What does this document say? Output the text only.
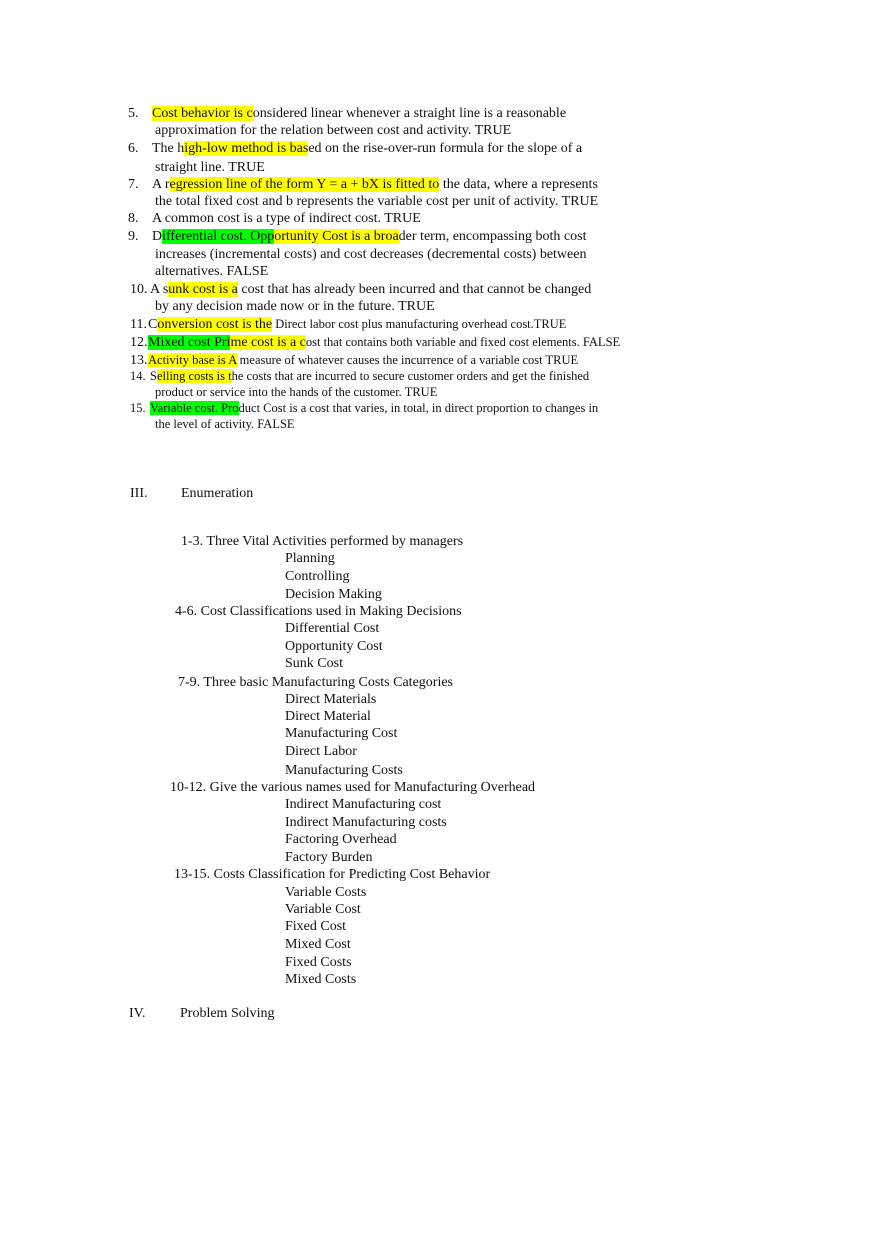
5. Cost behavior is considered linear whenever a straight line is a reasonable
approximation for the relation between cost and activity. TRUE
6. The high-low method is based on the rise-over-run formula for the slope of a
straight line. TRUE
7. A regression line of the form Y = a + bX is fitted to the data, where a represents
the total fixed cost and b represents the variable cost per unit of activity. TRUE
8. A common cost is a type of indirect cost. TRUE
9. Differential cost. Opportunity Cost is a broader term, encompassing both cost
increases (incremental costs) and cost decreases (decremental costs) between
alternatives. FALSE
10. A sunk cost is a cost that has already been incurred and that cannot be changed
by any decision made now or in the future. TRUE
11.Conversion cost is the Direct labor cost plus manufacturing overhead cost.TRUE
12.Mixed cost Prime cost is a cost that contains both variable and fixed cost elements. FALSE
13.Activity base is A measure of whatever causes the incurrence of a variable cost TRUE
14. Selling costs is the costs that are incurred to secure customer orders and get the finished
product or service into the hands of the customer. TRUE
15. Variable cost. Product Cost is a cost that varies, in total, in direct proportion to changes in
the level of activity. FALSE
III. Enumeration
1-3. Three Vital Activities performed by managers
Planning
Controlling
Decision Making
4-6. Cost Classifications used in Making Decisions
Differential Cost
Opportunity Cost
Sunk Cost
7-9. Three basic Manufacturing Costs Categories
Direct Materials
Direct Material
Manufacturing Cost
Direct Labor
Manufacturing Costs
10-12. Give the various names used for Manufacturing Overhead
Indirect Manufacturing cost
Indirect Manufacturing costs
Factoring Overhead
Factory Burden
13-15. Costs Classification for Predicting Cost Behavior
Variable Costs
Variable Cost
Fixed Cost
Mixed Cost
Fixed Costs
Mixed Costs
IV. Problem Solving
